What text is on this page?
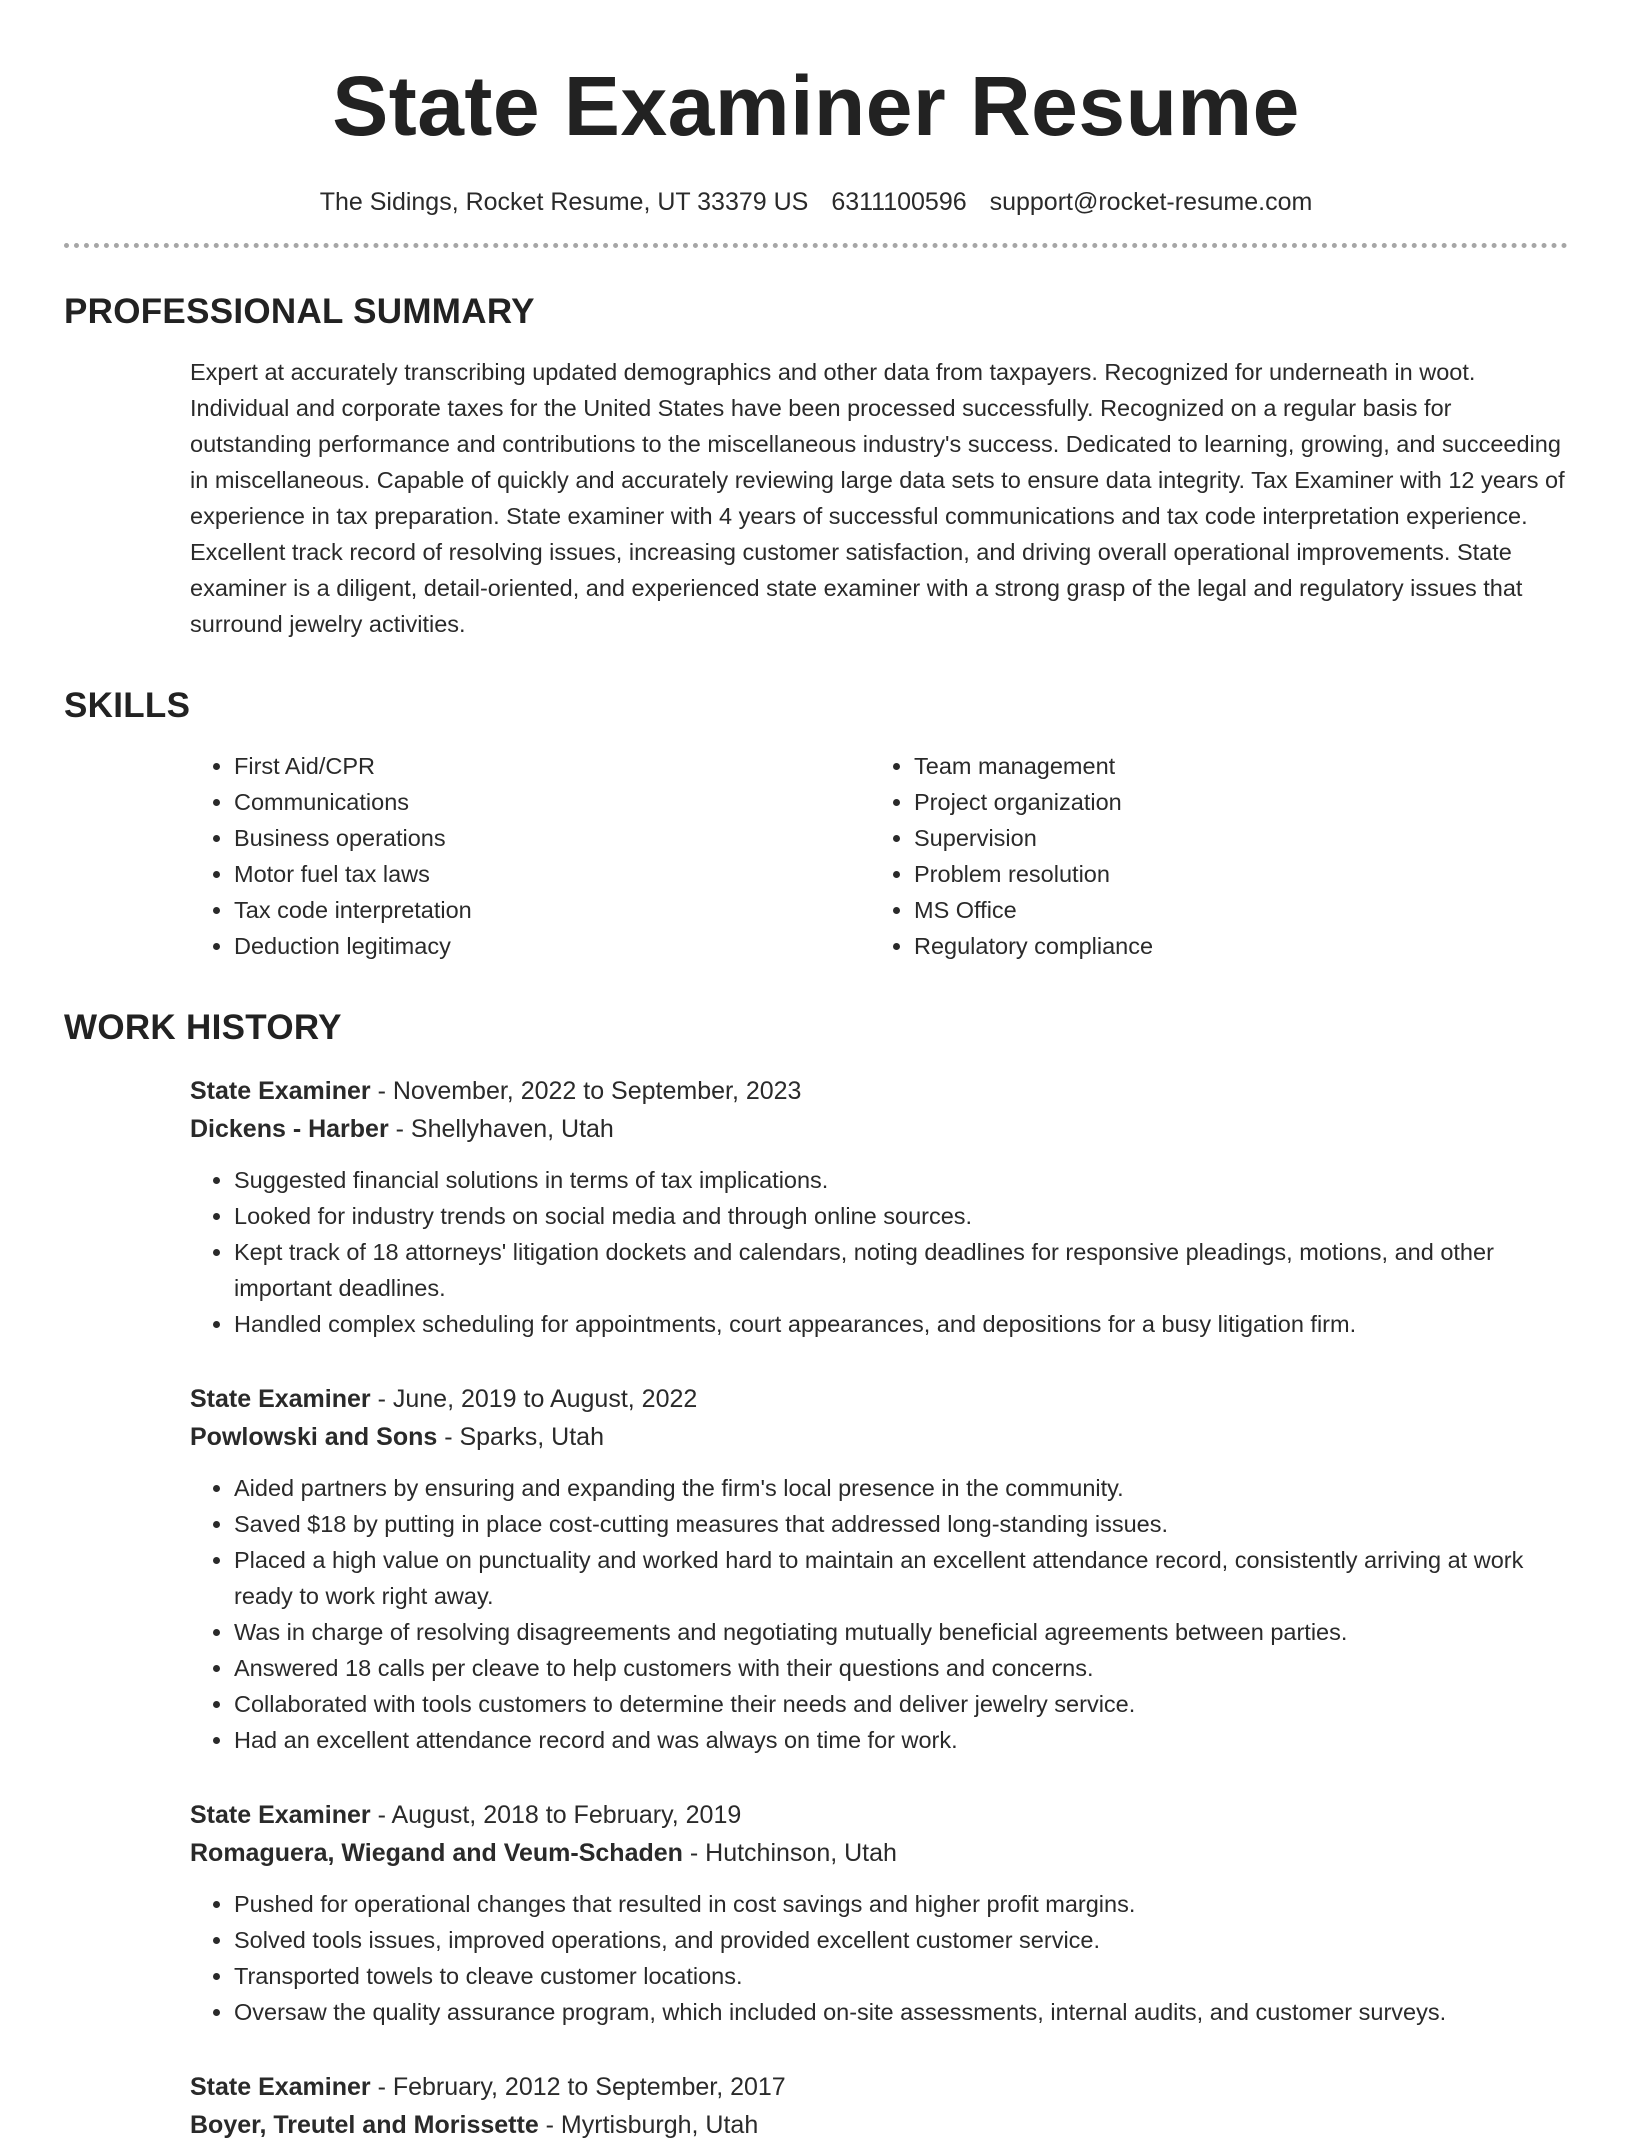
State Examiner Resume
The Sidings, Rocket Resume, UT 33379 US 6311100596 support@rocket-resume.com
PROFESSIONAL SUMMARY
Expert at accurately transcribing updated demographics and other data from taxpayers. Recognized for underneath in woot. Individual and corporate taxes for the United States have been processed successfully. Recognized on a regular basis for outstanding performance and contributions to the miscellaneous industry's success. Dedicated to learning, growing, and succeeding in miscellaneous. Capable of quickly and accurately reviewing large data sets to ensure data integrity. Tax Examiner with 12 years of experience in tax preparation. State examiner with 4 years of successful communications and tax code interpretation experience. Excellent track record of resolving issues, increasing customer satisfaction, and driving overall operational improvements. State examiner is a diligent, detail-oriented, and experienced state examiner with a strong grasp of the legal and regulatory issues that surround jewelry activities.
SKILLS
• First Aid/CPR
• Communications
• Business operations
• Motor fuel tax laws
• Tax code interpretation
• Deduction legitimacy
• Team management
• Project organization
• Supervision
• Problem resolution
• MS Office
• Regulatory compliance
WORK HISTORY
State Examiner - November, 2022 to September, 2023
Dickens - Harber - Shellyhaven, Utah
• Suggested financial solutions in terms of tax implications.
• Looked for industry trends on social media and through online sources.
• Kept track of 18 attorneys' litigation dockets and calendars, noting deadlines for responsive pleadings, motions, and other important deadlines.
• Handled complex scheduling for appointments, court appearances, and depositions for a busy litigation firm.
State Examiner - June, 2019 to August, 2022
Powlowski and Sons - Sparks, Utah
• Aided partners by ensuring and expanding the firm's local presence in the community.
• Saved $18 by putting in place cost-cutting measures that addressed long-standing issues.
• Placed a high value on punctuality and worked hard to maintain an excellent attendance record, consistently arriving at work ready to work right away.
• Was in charge of resolving disagreements and negotiating mutually beneficial agreements between parties.
• Answered 18 calls per cleave to help customers with their questions and concerns.
• Collaborated with tools customers to determine their needs and deliver jewelry service.
• Had an excellent attendance record and was always on time for work.
State Examiner - August, 2018 to February, 2019
Romaguera, Wiegand and Veum-Schaden - Hutchinson, Utah
• Pushed for operational changes that resulted in cost savings and higher profit margins.
• Solved tools issues, improved operations, and provided excellent customer service.
• Transported towels to cleave customer locations.
• Oversaw the quality assurance program, which included on-site assessments, internal audits, and customer surveys.
State Examiner - February, 2012 to September, 2017
Boyer, Treutel and Morissette - Myrtisburgh, Utah
